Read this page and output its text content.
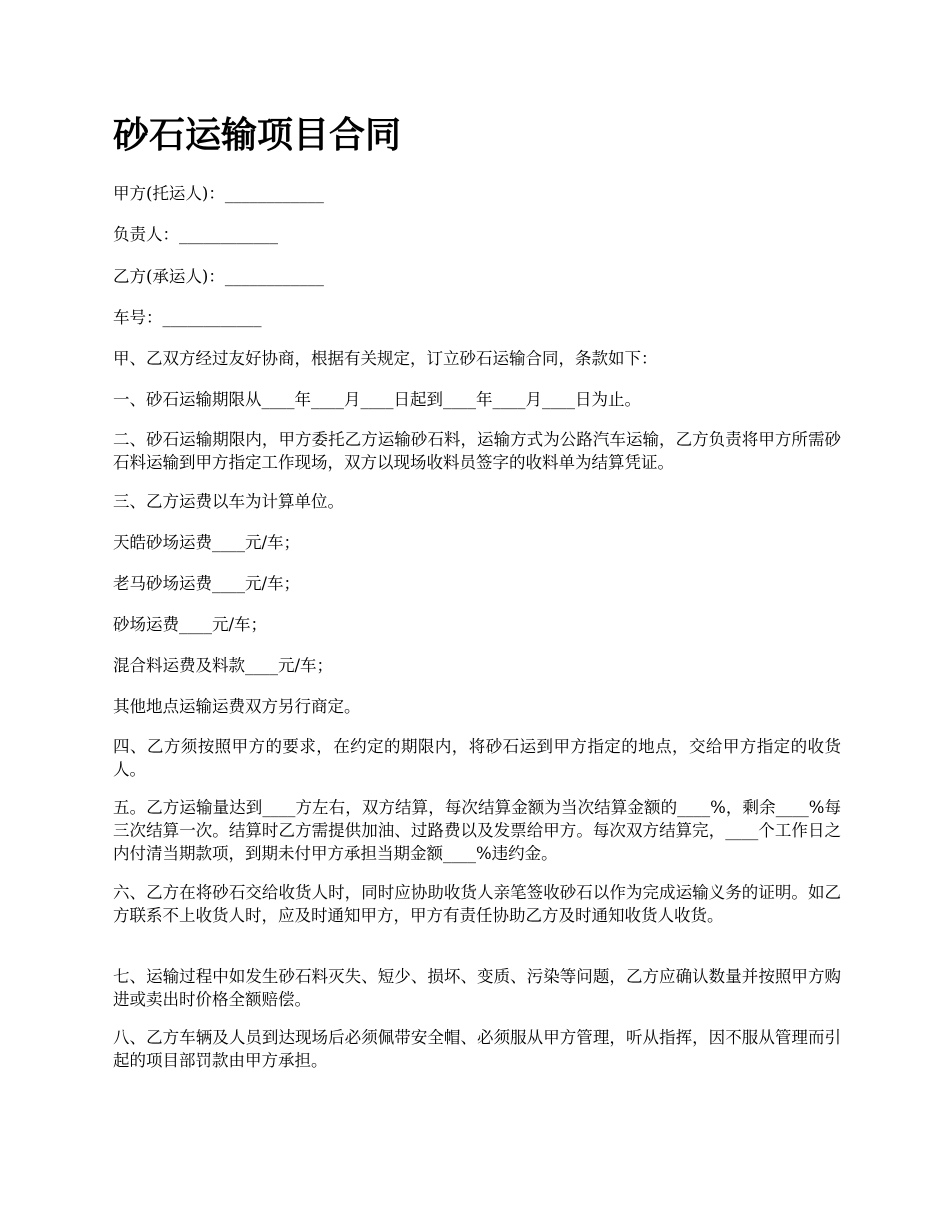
砂石运输项目合同
甲方(托运人)：____________
负责人：____________
乙方(承运人)：____________
车号：____________
甲、乙双方经过友好协商，根据有关规定，订立砂石运输合同，条款如下：
一、砂石运输期限从____年____月____日起到____年____月____日为止。
二、砂石运输期限内，甲方委托乙方运输砂石料，运输方式为公路汽车运输，乙方负责将甲方所需砂石料运输到甲方指定工作现场，双方以现场收料员签字的收料单为结算凭证。
三、乙方运费以车为计算单位。
天皓砂场运费____元/车；
老马砂场运费____元/车；
砂场运费____元/车；
混合料运费及料款____元/车；
其他地点运输运费双方另行商定。
四、乙方须按照甲方的要求，在约定的期限内，将砂石运到甲方指定的地点，交给甲方指定的收货人。
五。乙方运输量达到____方左右，双方结算，每次结算金额为当次结算金额的____%，剩余____%每三次结算一次。结算时乙方需提供加油、过路费以及发票给甲方。每次双方结算完，____个工作日之内付清当期款项，到期未付甲方承担当期金额____%违约金。
六、乙方在将砂石交给收货人时，同时应协助收货人亲笔签收砂石以作为完成运输义务的证明。如乙方联系不上收货人时，应及时通知甲方，甲方有责任协助乙方及时通知收货人收货。
七、运输过程中如发生砂石料灭失、短少、损坏、变质、污染等问题，乙方应确认数量并按照甲方购进或卖出时价格全额赔偿。
八、乙方车辆及人员到达现场后必须佩带安全帽、必须服从甲方管理，听从指挥，因不服从管理而引起的项目部罚款由甲方承担。
